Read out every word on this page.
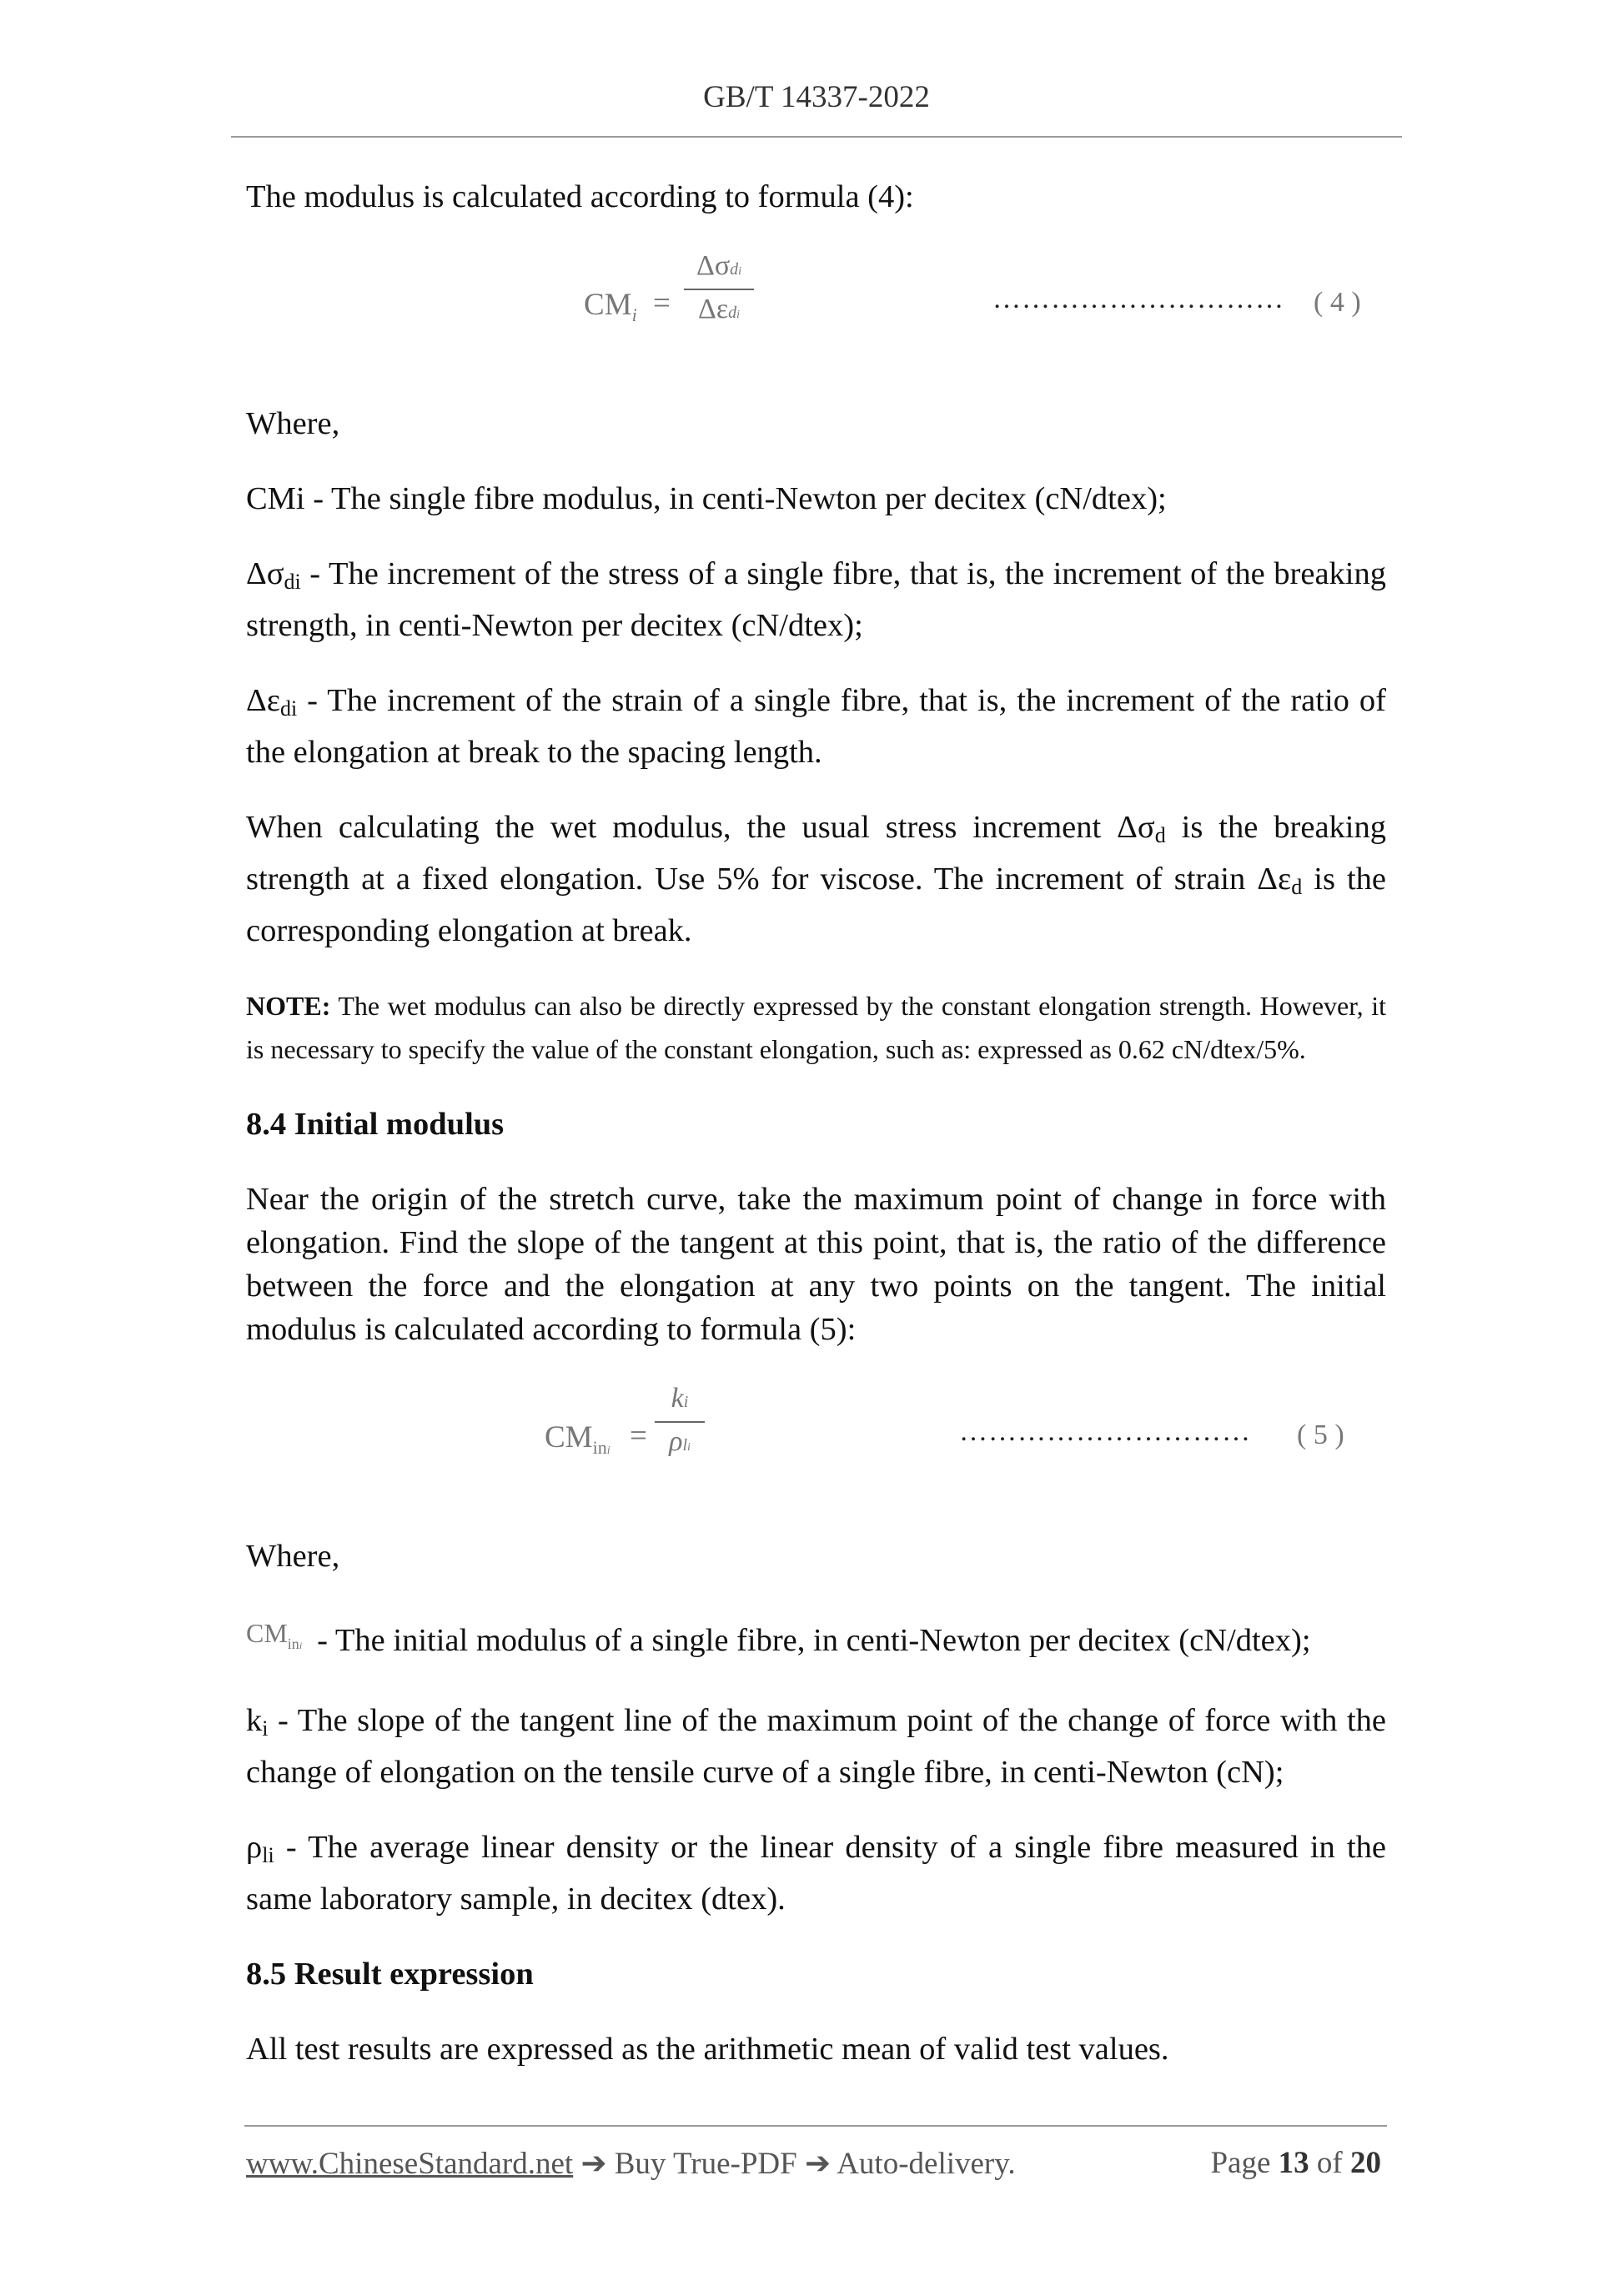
GB/T 14337-2022

The modulus is calculated according to formula (4):

$CM_i$ =
Δσdi
Δεdi
………………………… ( 4 )

Where,

CMi - The single fibre modulus, in centi-Newton per decitex (cN/dtex);

Δσdi - The increment of the stress of a single fibre, that is, the increment of the breaking strength, in centi-Newton per decitex (cN/dtex);

Δεdi - The increment of the strain of a single fibre, that is, the increment of the ratio of the elongation at break to the spacing length.

When calculating the wet modulus, the usual stress increment Δσd is the breaking strength at a fixed elongation. Use 5% for viscose. The increment of strain Δεd is the corresponding elongation at break.

NOTE: The wet modulus can also be directly expressed by the constant elongation strength. However, it is necessary to specify the value of the constant elongation, such as: expressed as 0.62 cN/dtex/5%.

8.4 Initial modulus

Near the origin of the stretch curve, take the maximum point of change in force with elongation. Find the slope of the tangent at this point, that is, the ratio of the difference between the force and the elongation at any two points on the tangent. The initial modulus is calculated according to formula (5):

$CM_{ini}$ =
ki
ρli
………………………… ( 5 )

Where,

$CM_{ini}$ - The initial modulus of a single fibre, in centi-Newton per decitex (cN/dtex);

ki - The slope of the tangent line of the maximum point of the change of force with the change of elongation on the tensile curve of a single fibre, in centi-Newton (cN);

ρli - The average linear density or the linear density of a single fibre measured in the same laboratory sample, in decitex (dtex).

8.5 Result expression

All test results are expressed as the arithmetic mean of valid test values.

www.ChineseStandard.net ➔ Buy True-PDF ➔ Auto-delivery.	Page 13 of 20
